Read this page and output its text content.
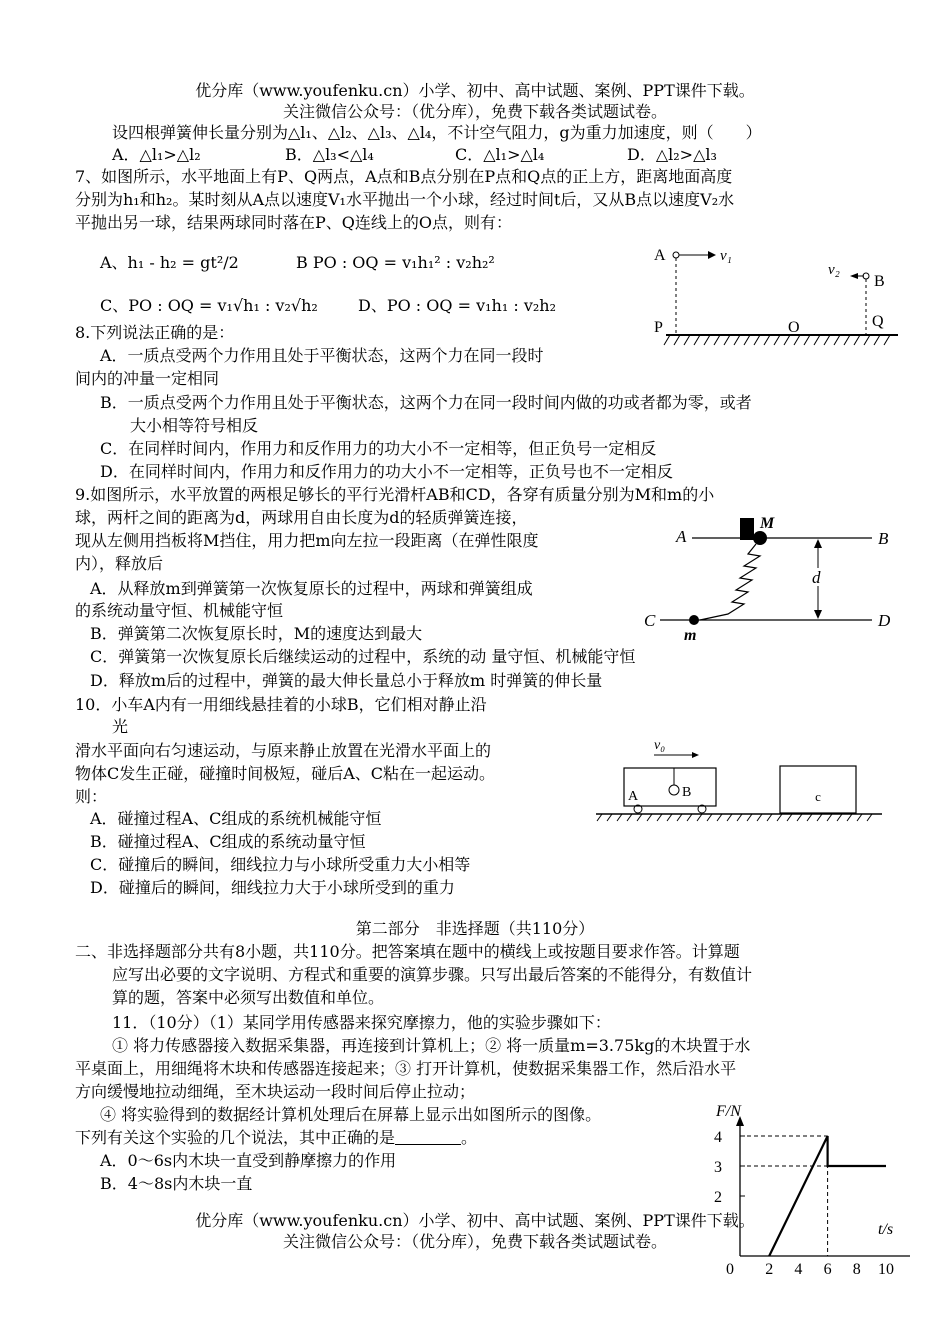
优分库（www.youfenku.cn）小学、初中、高中试题、案例、PPT课件下载。
关注微信公众号：（优分库），免费下载各类试题试卷。
设四根弹簧伸长量分别为△l₁、△l₂、△l₃、△l₄，不计空气阻力，g为重力加速度，则（　　）
A．△l₁>△l₂	B．△l₃<△l₄	C．△l₁>△l₄	D．△l₂>△l₃
7、如图所示，水平地面上有P、Q两点，A点和B点分别在P点和Q点的正上方，距离地面高度
分别为h₁和h₂。某时刻从A点以速度V₁水平抛出一个小球，经过时间t后，又从B点以速度V₂水
平抛出另一球，结果两球同时落在P、Q连线上的O点，则有：
A、h₁ - h₂ = gt²/2	B PO : OQ = v₁h₁² : v₂h₂²
C、PO : OQ = v₁√h₁ : v₂√h₂	D、PO : OQ = v₁h₁ : v₂h₂
A	v₁
v₂
B
P	O	Q
8.下列说法正确的是：
A．一质点受两个力作用且处于平衡状态，这两个力在同一段时
间内的冲量一定相同
B．一质点受两个力作用且处于平衡状态，这两个力在同一段时间内做的功或者都为零，或者
大小相等符号相反
C．在同样时间内，作用力和反作用力的功大小不一定相等，但正负号一定相反
D．在同样时间内，作用力和反作用力的功大小不一定相等，正负号也不一定相反
9.如图所示，水平放置的两根足够长的平行光滑杆AB和CD，各穿有质量分别为M和m的小
球，两杆之间的距离为d，两球用自由长度为d的轻质弹簧连接，
现从左侧用挡板将M挡住，用力把m向左拉一段距离（在弹性限度
内），释放后
A．从释放m到弹簧第一次恢复原长的过程中，两球和弹簧组成
的系统动量守恒、机械能守恒
B．弹簧第二次恢复原长时，M的速度达到最大
C．弹簧第一次恢复原长后继续运动的过程中，系统的动 量守恒、机械能守恒
D．释放m后的过程中，弹簧的最大伸长量总小于释放m 时弹簧的伸长量
A
M
B
C
m
D
d
10．小车A内有一用细线悬挂着的小球B，它们相对静止沿
光
滑水平面向右匀速运动，与原来静止放置在光滑水平面上的
物体C发生正碰，碰撞时间极短，碰后A、C粘在一起运动。
则：
A．碰撞过程A、C组成的系统机械能守恒
B．碰撞过程A、C组成的系统动量守恒
C．碰撞后的瞬间，细线拉力与小球所受重力大小相等
D．碰撞后的瞬间，细线拉力大于小球所受到的重力
v₀
B
A	c
第二部分　非选择题（共110分）
二、非选择题部分共有8小题，共110分。把答案填在题中的横线上或按题目要求作答。计算题
应写出必要的文字说明、方程式和重要的演算步骤。只写出最后答案的不能得分，有数值计
算的题，答案中必须写出数值和单位。
11．（10分）（1）某同学用传感器来探究摩擦力，他的实验步骤如下：
① 将力传感器接入数据采集器，再连接到计算机上；② 将一质量m=3.75kg的木块置于水
平桌面上，用细绳将木块和传感器连接起来；③ 打开计算机，使数据采集器工作，然后沿水平
方向缓慢地拉动细绳，至木块运动一段时间后停止拉动；
④ 将实验得到的数据经计算机处理后在屏幕上显示出如图所示的图像。
下列有关这个实验的几个说法，其中正确的是	。
A．0～6s内木块一直受到静摩擦力的作用
B．4～8s内木块一直
优分库（www.youfenku.cn）小学、初中、高中试题、案例、PPT课件下载。
关注微信公众号：（优分库），免费下载各类试题试卷。
F/N
t/s
0 2 4 6 8 10
2
3
4
